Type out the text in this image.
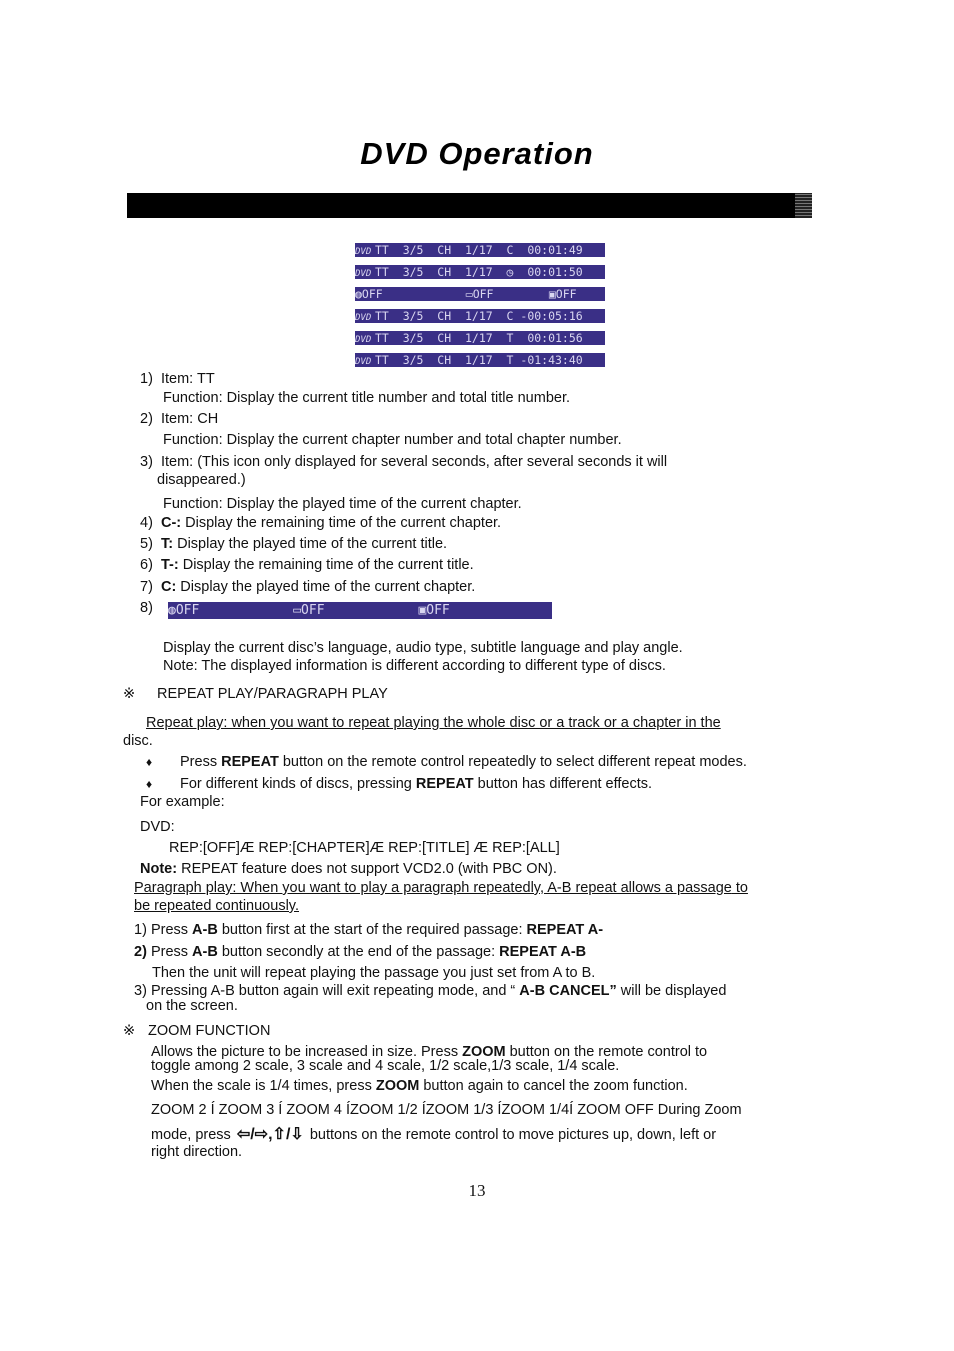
DVD Operation
DVD TT  3/5  CH  1/17  C  00:01:49
DVD TT  3/5  CH  1/17  ◷  00:01:50
◍OFF            ▭OFF        ▣OFF
DVD TT  3/5  CH  1/17  C -00:05:16
DVD TT  3/5  CH  1/17  T  00:01:56
DVD TT  3/5  CH  1/17  T -01:43:40
1) Item: TT
Function: Display the current title number and total title number.
2) Item: CH
Function: Display the current chapter number and total chapter number.
3) Item: (This icon only displayed for several seconds, after several seconds it will
disappeared.)
Function: Display the played time of the current chapter.
4) C-: Display the remaining time of the current chapter.
5) T: Display the played time of the current title.
6) T-: Display the remaining time of the current title.
7) C: Display the played time of the current chapter.
8) ◍OFF            ▭OFF            ▣OFF
Display the current disc’s language, audio type, subtitle language and play angle.
Note: The displayed information is different according to different type of discs.
※ REPEAT PLAY/PARAGRAPH PLAY
Repeat play: when you want to repeat playing the whole disc or a track or a chapter in the
disc.
♦ Press REPEAT button on the remote control repeatedly to select different repeat modes.
♦ For different kinds of discs, pressing REPEAT button has different effects.
For example:
DVD:
REP:[OFF]Æ REP:[CHAPTER]Æ REP:[TITLE] Æ REP:[ALL]
Note: REPEAT feature does not support VCD2.0 (with PBC ON).
Paragraph play: When you want to play a paragraph repeatedly, A-B repeat allows a passage to
be repeated continuously.
1) Press A-B button first at the start of the required passage: REPEAT A-
2) Press A-B button secondly at the end of the passage: REPEAT A-B
Then the unit will repeat playing the passage you just set from A to B.
3) Pressing A-B button again will exit repeating mode, and “ A-B CANCEL” will be displayed
on the screen.
※ ZOOM FUNCTION
Allows the picture to be increased in size. Press ZOOM button on the remote control to
toggle among 2 scale, 3 scale and 4 scale, 1/2 scale,1/3 scale, 1/4 scale.
When the scale is 1/4 times, press ZOOM button again to cancel the zoom function.
ZOOM 2 Í ZOOM 3 Í ZOOM 4 ÍZOOM 1/2 ÍZOOM 1/3 ÍZOOM 1/4Í ZOOM OFF During Zoom
mode, press ⇦/⇨,⇧/⇩ buttons on the remote control to move pictures up, down, left or
right direction.
13
